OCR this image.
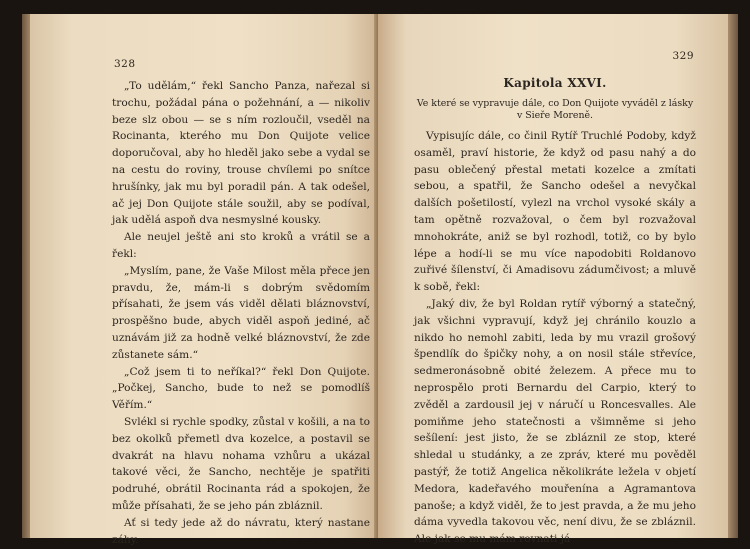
328

„To udělám,“ řekl Sancho Panza, nařezal si trochu, požádal pána o požehnání, a — nikoliv beze slz obou — se s ním rozloučil, vseděl na Rocinanta, kterého mu Don Quijote velice doporučoval, aby ho hleděl jako sebe a vydal se na cestu do roviny, trouse chvílemi po snítce hrušínky, jak mu byl poradil pán. A tak odešel, ač jej Don Quijote stále soužil, aby se podíval, jak udělá aspoň dva nesmyslné kousky.

Ale neujel ještě ani sto kroků a vrátil se a řekl:

„Myslím, pane, že Vaše Milost měla přece jen pravdu, že, mám-li s dobrým svědomím přísahati, že jsem vás viděl dělati bláznovství, prospěšno bude, abych viděl aspoň jediné, ač uznávám již za hodně velké bláznovství, že zde zůstanete sám.“

„Což jsem ti to neříkal?“ řekl Don Quijote. „Počkej, Sancho, bude to než se pomodlíš Věřím.“

Svlékl si rychle spodky, zůstal v košili, a na to bez okolků přemetl dva kozelce, a postavil se dvakrát na hlavu nohama vzhůru a ukázal takové věci, že Sancho, nechtěje je spatřiti podruhé, obrátil Rocinanta rád a spokojen, že může přísahati, že se jeho pán zbláznil.

Ať si tedy jede až do návratu, který nastane záhy.

329
Kapitola XXVI.
Ve které se vypravuje dále, co Don Quijote vyváděl z lásky v Sieře Moreně.

Vypisujíc dále, co činil Rytíř Truchlé Podoby, když osaměl, praví historie, že když od pasu nahý a do pasu oblečený přestal metati kozelce a zmítati sebou, a spatřil, že Sancho odešel a nevyčkal dalších pošetilostí, vylezl na vrchol vysoké skály a tam opětně rozvažoval, o čem byl rozvažoval mnohokráte, aniž se byl rozhodl, totiž, co by bylo lépe a hodí-li se mu více napodobiti Roldanovo zuřivé šílenství, či Amadisovu zádumčivost; a mluvě k sobě, řekl:

„Jaký div, že byl Roldan rytíř výborný a statečný, jak všichni vypravují, když jej chránilo kouzlo a nikdo ho nemohl zabiti, leda by mu vrazil grošový špendlík do špičky nohy, a on nosil stále střevíce, sedmeronásobně obité železem. A přece mu to neprospělo proti Bernardu del Carpio, který to zvěděl a zardousil jej v náručí u Roncesvalles. Ale pomiňme jeho statečnosti a všimněme si jeho sešílení: jest jisto, že se zbláznil ze stop, které shledal u studánky, a ze zpráv, které mu pověděl pastýř, že totiž Angelica několikráte ležela v objetí Medora, kadeřavého mouřenína a Agramantova panoše; a když viděl, že to jest pravda, a že mu jeho dáma vyvedla takovou věc, není divu, že se zbláznil. Ale jak se mu mám rovnati já
